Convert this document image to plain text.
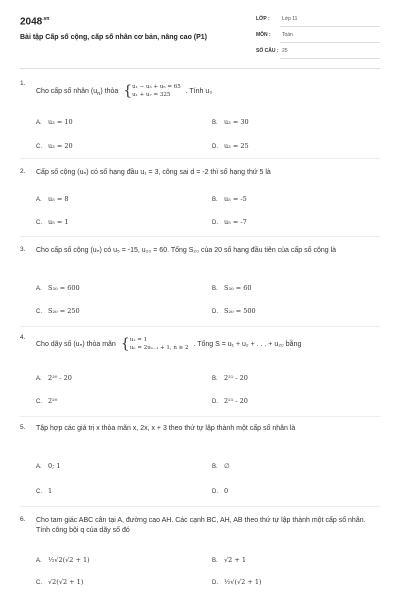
$2048^{.vn}$
Bài tập Cấp số cộng, cấp số nhân cơ bản, nâng cao (P1)
LỚP : Lớp 11
MÔN : Toán
SỐ CÂU : 25
1.
Cho cấp số nhân $(u_n)$ thỏa {u₁ − u₃ + u₅ = 65
u₁ + u₇ = 325 . Tính u₃
A. u₃ = 10	B. u₃ = 30
C. u₃ = 20	D. u₃ = 25
2. Cấp số cộng (uₙ) có số hạng đầu u₁ = 3, công sai d = -2 thì số hạng thứ 5 là
A. u₅ = 8	B. u₅ = -5
C. u₅ = 1	D. u₅ = -7
3. Cho cấp số cộng (uₙ) có u₅ = -15, u₂₀ = 60. Tổng S₂₀ của 20 số hạng đầu tiên của cấp số cộng là
A. S₂₀ = 600	B. S₂₀ = 60
C. S₂₀ = 250	D. S₂₀ = 500
4.
Cho dãy số (uₙ) thỏa mãn {u₁ = 1
uₙ = 2uₙ₋₁ + 1, n ≥ 2 . Tổng S = u₁ + u₂ + . . . + u₂₀ bằng
A. 2²⁰ - 20	B. 2²¹ - 20
C. 2²⁰	D. 2²¹ - 20
5. Tập hợp các giá trị x thỏa mãn x, 2x, x + 3 theo thứ tự lập thành một cấp số nhân là
A. 0; 1	B. ∅
C. 1	D. 0
6. Cho tam giác ABC cân tại A, đường cao AH. Các cạnh BC, AH, AB theo thứ tự lập thành một cấp số nhân. Tính công bội q của dãy số đó
A. ½√2(√2 + 1)	B. √2 + 1
C. √2(√2 + 1)	D. ½√(√2 + 1)
